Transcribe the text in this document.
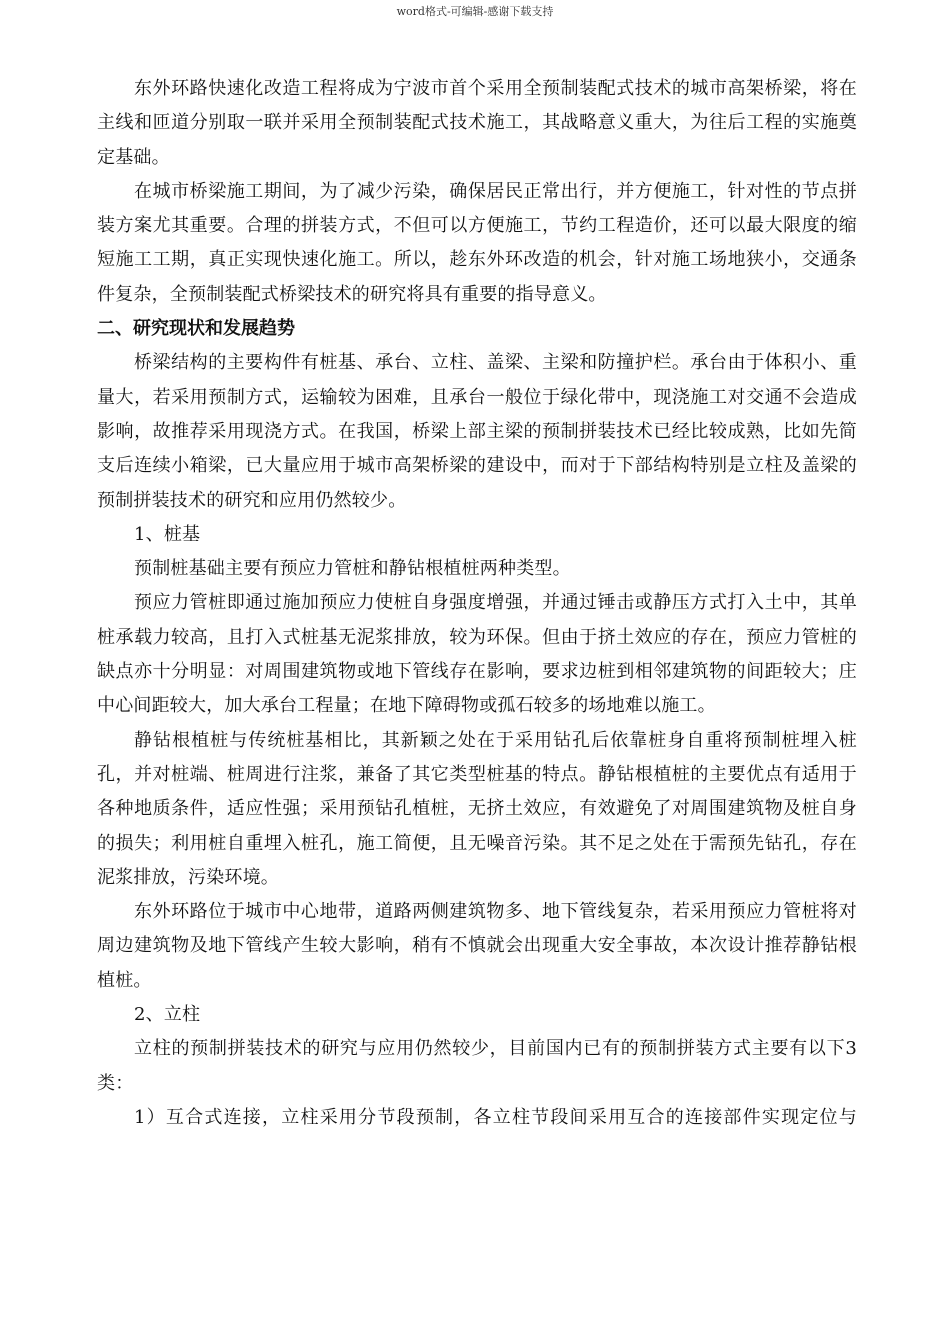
word格式-可编辑-感谢下载支持

东外环路快速化改造工程将成为宁波市首个采用全预制装配式技术的城市高架桥梁，将在主线和匝道分别取一联并采用全预制装配式技术施工，其战略意义重大，为往后工程的实施奠定基础。

在城市桥梁施工期间，为了减少污染，确保居民正常出行，并方便施工，针对性的节点拼装方案尤其重要。合理的拼装方式，不但可以方便施工，节约工程造价，还可以最大限度的缩短施工工期，真正实现快速化施工。所以，趁东外环改造的机会，针对施工场地狭小，交通条件复杂，全预制装配式桥梁技术的研究将具有重要的指导意义。

二、研究现状和发展趋势

桥梁结构的主要构件有桩基、承台、立柱、盖梁、主梁和防撞护栏。承台由于体积小、重量大，若采用预制方式，运输较为困难，且承台一般位于绿化带中，现浇施工对交通不会造成影响，故推荐采用现浇方式。在我国，桥梁上部主梁的预制拼装技术已经比较成熟，比如先简支后连续小箱梁，已大量应用于城市高架桥梁的建设中，而对于下部结构特别是立柱及盖梁的预制拼装技术的研究和应用仍然较少。

1、桩基

预制桩基础主要有预应力管桩和静钻根植桩两种类型。

预应力管桩即通过施加预应力使桩自身强度增强，并通过锤击或静压方式打入土中，其单桩承载力较高，且打入式桩基无泥浆排放，较为环保。但由于挤土效应的存在，预应力管桩的缺点亦十分明显：对周围建筑物或地下管线存在影响，要求边桩到相邻建筑物的间距较大；庄中心间距较大，加大承台工程量；在地下障碍物或孤石较多的场地难以施工。

静钻根植桩与传统桩基相比，其新颖之处在于采用钻孔后依靠桩身自重将预制桩埋入桩孔，并对桩端、桩周进行注浆，兼备了其它类型桩基的特点。静钻根植桩的主要优点有适用于各种地质条件，适应性强；采用预钻孔植桩，无挤土效应，有效避免了对周围建筑物及桩自身的损失；利用桩自重埋入桩孔，施工简便，且无噪音污染。其不足之处在于需预先钻孔，存在泥浆排放，污染环境。

东外环路位于城市中心地带，道路两侧建筑物多、地下管线复杂，若采用预应力管桩将对周边建筑物及地下管线产生较大影响，稍有不慎就会出现重大安全事故，本次设计推荐静钻根植桩。

2、立柱

立柱的预制拼装技术的研究与应用仍然较少，目前国内已有的预制拼装方式主要有以下3类：

1）互合式连接，立柱采用分节段预制，各立柱节段间采用互合的连接部件实现定位与
